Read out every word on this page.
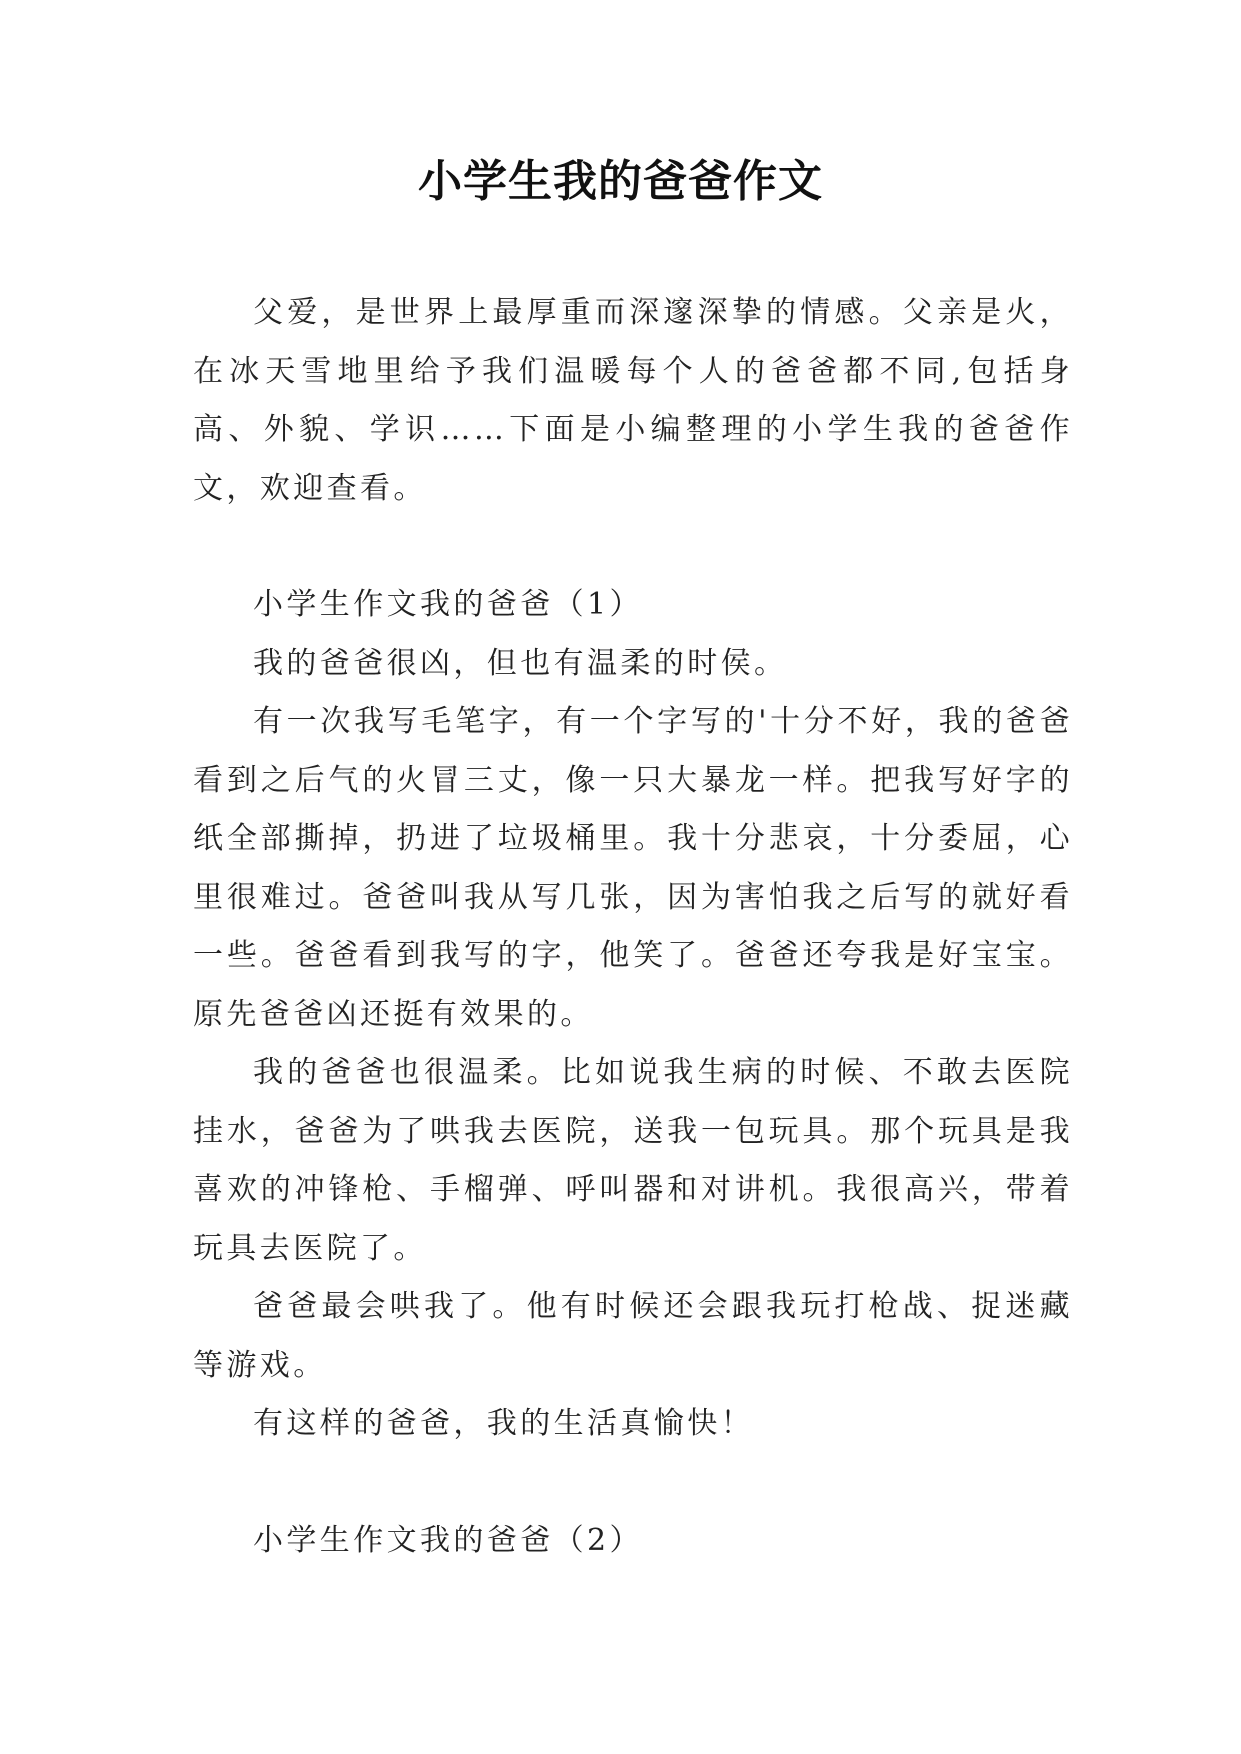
小学生我的爸爸作文

父爱，是世界上最厚重而深邃深挚的情感。父亲是火，在冰天雪地里给予我们温暖每个人的爸爸都不同,包括身高、外貌、学识……下面是小编整理的小学生我的爸爸作文，欢迎查看。

小学生作文我的爸爸（1）

我的爸爸很凶，但也有温柔的时侯。

有一次我写毛笔字，有一个字写的'十分不好，我的爸爸看到之后气的火冒三丈，像一只大暴龙一样。把我写好字的纸全部撕掉，扔进了垃圾桶里。我十分悲哀，十分委屈，心里很难过。爸爸叫我从写几张，因为害怕我之后写的就好看一些。爸爸看到我写的字，他笑了。爸爸还夸我是好宝宝。原先爸爸凶还挺有效果的。

我的爸爸也很温柔。比如说我生病的时候、不敢去医院挂水，爸爸为了哄我去医院，送我一包玩具。那个玩具是我喜欢的冲锋枪、手榴弹、呼叫器和对讲机。我很高兴，带着玩具去医院了。

爸爸最会哄我了。他有时候还会跟我玩打枪战、捉迷藏等游戏。

有这样的爸爸，我的生活真愉快！

小学生作文我的爸爸（2）
